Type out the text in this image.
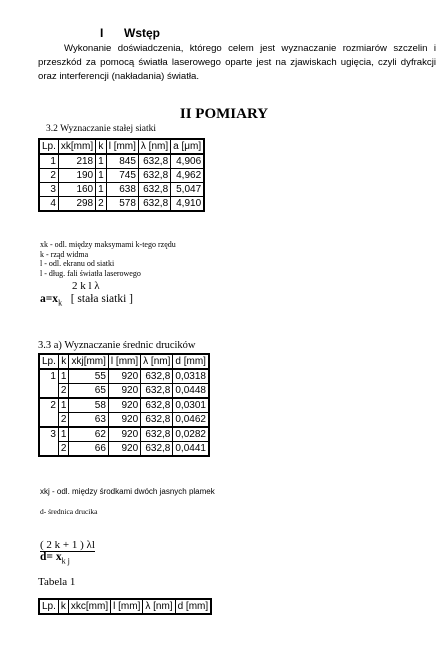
I Wstęp
Wykonanie doświadczenia, którego celem jest wyznaczanie rozmiarów szczelin i przeszkód za pomocą światła laserowego oparte jest na zjawiskach ugięcia, czyli dyfrakcji oraz interferencji (nakładania) światła.
II POMIARY
3.2 Wyznaczanie stałej siatki
Lp.	xk[mm]	k	l [mm]	λ [nm]	a [μm]
1	218	1	845	632,8	4,906
2	190	1	745	632,8	4,962
3	160	1	638	632,8	5,047
4	298	2	578	632,8	4,910
xk - odl. między maksymami k-tego rzędu
k - rząd widma
l - odl. ekranu od siatki
l - dług. fali światła laserowego
2 k l λ
$a=x_k$ [ stała siatki ]
3.3 a) Wyznaczanie średnic drucików
Lp.	k	xkj[mm]	l [mm]	λ [nm]	d [mm]
1	1	55	920	632,8	0,0318
	2	65	920	632,8	0,0448
2	1	58	920	632,8	0,0301
	2	63	920	632,8	0,0462
3	1	62	920	632,8	0,0282
	2	66	920	632,8	0,0441
xkj - odl. między środkami dwóch jasnych plamek
d- średnica drucika
( 2 k + 1 ) λl
$d= x_{k j}$
Tabela 1
Lp.	k	xkc[mm]	l [mm]	λ [nm]	d [mm]
